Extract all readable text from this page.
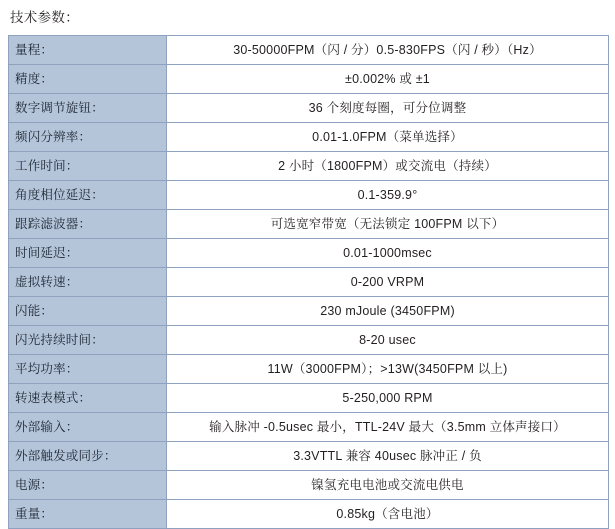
技术参数：
量程：	30-50000FPM（闪 / 分）0.5-830FPS（闪 / 秒）（Hz）
精度：	±0.002% 或 ±1
数字调节旋钮：	36 个刻度每圈，可分位调整
频闪分辨率：	0.01-1.0FPM（菜单选择）
工作时间：	2 小时（1800FPM）或交流电（持续）
角度相位延迟：	0.1-359.9°
跟踪滤波器：	可选宽窄带宽（无法锁定 100FPM 以下）
时间延迟：	0.01-1000msec
虚拟转速：	0-200 VRPM
闪能：	230 mJoule (3450FPM)
闪光持续时间：	8-20 usec
平均功率：	11W（3000FPM）；>13W(3450FPM 以上)
转速表模式：	5-250,000 RPM
外部输入：	输入脉冲 -0.5usec 最小，TTL-24V 最大（3.5mm 立体声接口）
外部触发或同步：	3.3VTTL 兼容 40usec 脉冲正 / 负
电源：	镍氢充电电池或交流电供电
重量：	0.85kg（含电池）
